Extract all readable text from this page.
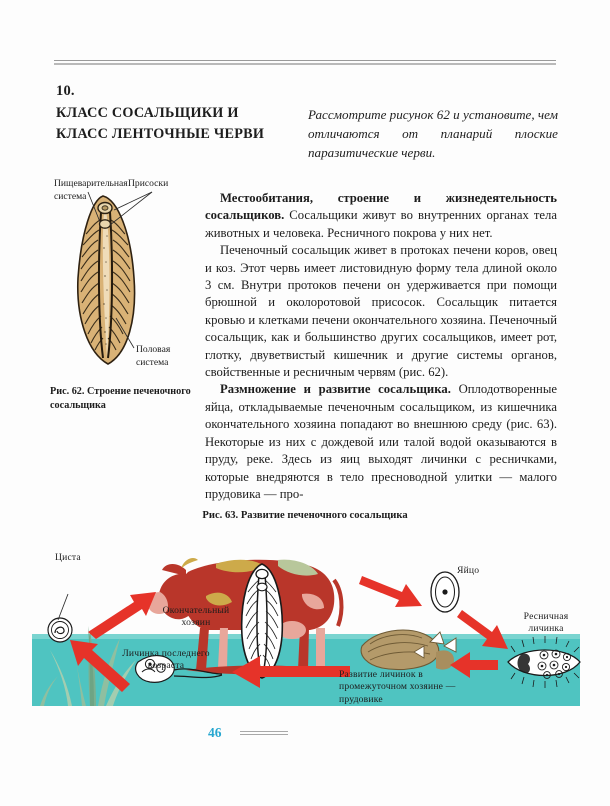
10.
КЛАСС СОСАЛЬЩИКИ И КЛАСС ЛЕНТОЧНЫЕ ЧЕРВИ
Рассмотрите рисунок 62 и установите, чем отличаются от планарий плоские паразитические черви.
Пищеварительная система
Присоски
Половая система
Рис. 62. Строение печеночного сосальщика

Местообитания, строение и жизнедеятельность сосальщиков. Сосальщики живут во внутренних органах тела животных и человека. Ресничного покрова у них нет.

Печеночный сосальщик живет в протоках печени коров, овец и коз. Этот червь имеет листовидную форму тела длиной около 3 см. Внутри протоков печени он удерживается при помощи брюшной и околоротовой присосок. Сосальщик питается кровью и клетками печени окончательного хозяина. Печеночный сосальщик, как и большинство других сосальщиков, имеет рот, глотку, двуветвистый кишечник и другие системы органов, свойственные и ресничным червям (рис. 62).

Размножение и развитие сосальщика. Оплодотворенные яйца, откладываемые печеночным сосальщиком, из кишечника окончательного хозяина попадают во внешнюю среду (рис. 63). Некоторые из них с дождевой или талой водой оказываются в пруду, реке. Здесь из яиц выходят личинки с ресничками, которые внедряются в тело пресноводной улитки — малого прудовика — про-

Рис. 63. Развитие печеночного сосальщика
Циста
Окончательный хозяин
Яйцо
Ресничная личинка
Личинка последнего возраста
Развитие личинок в промежуточном хозяине — прудовике
46
